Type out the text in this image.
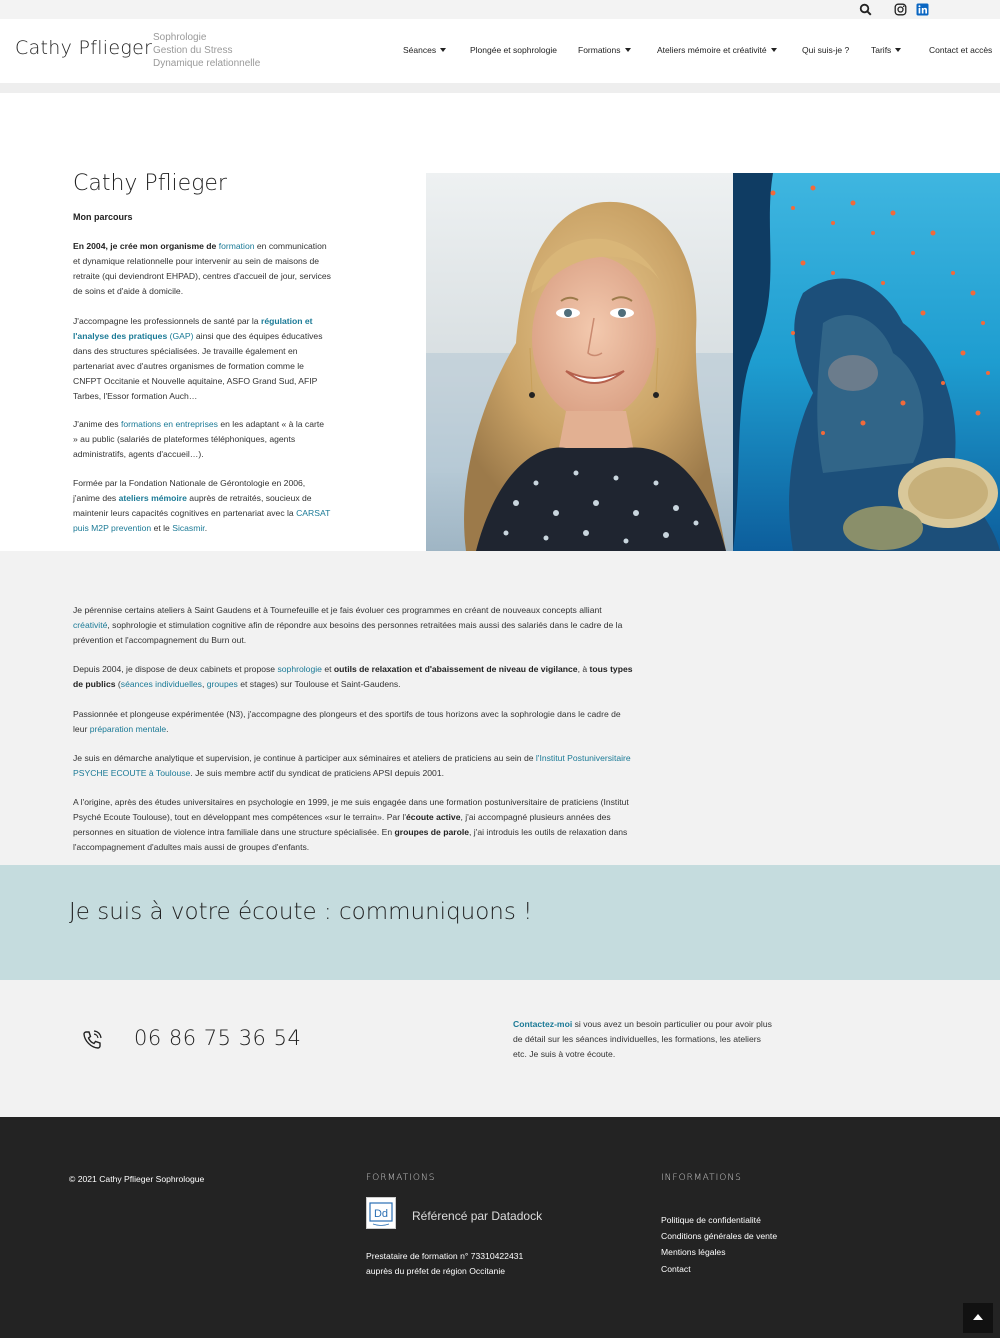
Cathy Pflieger Sophrologie
Gestion du Stress
Dynamique relationnelle
Séances	Plongée et sophrologie Formations	Ateliers mémoire et créativité	Qui suis-je ?	Tarifs	Contact et accès
Cathy Pflieger
Mon parcours
En 2004, je crée mon organisme de formation en communication et dynamique relationnelle pour intervenir au sein de maisons de retraite (qui deviendront EHPAD), centres d'accueil de jour, services de soins et d'aide à domicile.
J'accompagne les professionnels de santé par la régulation et l'analyse des pratiques (GAP) ainsi que des équipes éducatives dans des structures spécialisées. Je travaille également en partenariat avec d'autres organismes de formation comme le CNFPT Occitanie et Nouvelle aquitaine, ASFO Grand Sud, AFIP Tarbes, l'Essor formation Auch…
J'anime des formations en entreprises en les adaptant « à la carte » au public (salariés de plateformes téléphoniques, agents administratifs, agents d'accueil…).
Formée par la Fondation Nationale de Gérontologie en 2006, j'anime des ateliers mémoire auprès de retraités, soucieux de maintenir leurs capacités cognitives en partenariat avec la CARSAT puis M2P prevention et le Sicasmir.
Je pérennise certains ateliers à Saint Gaudens et à Tournefeuille et je fais évoluer ces programmes en créant de nouveaux concepts alliant créativité, sophrologie et stimulation cognitive afin de répondre aux besoins des personnes retraitées mais aussi des salariés dans le cadre de la prévention et l'accompagnement du Burn out.
Depuis 2004, je dispose de deux cabinets et propose sophrologie et outils de relaxation et d'abaissement de niveau de vigilance, à tous types de publics (séances individuelles, groupes et stages) sur Toulouse et Saint-Gaudens.
Passionnée et plongeuse expérimentée (N3), j'accompagne des plongeurs et des sportifs de tous horizons avec la sophrologie dans le cadre de leur préparation mentale.
Je suis en démarche analytique et supervision, je continue à participer aux séminaires et ateliers de praticiens au sein de l'Institut Postuniversitaire PSYCHE ECOUTE à Toulouse. Je suis membre actif du syndicat de praticiens APSI depuis 2001.
A l'origine, après des études universitaires en psychologie en 1999, je me suis engagée dans une formation postuniversitaire de praticiens (Institut Psyché Ecoute Toulouse), tout en développant mes compétences «sur le terrain». Par l'écoute active, j'ai accompagné plusieurs années des personnes en situation de violence intra familiale dans une structure spécialisée. En groupes de parole, j'ai introduis les outils de relaxation dans l'accompagnement d'adultes mais aussi de groupes d'enfants.
Je suis à votre écoute : communiquons !
06 86 75 36 54
Contactez-moi si vous avez un besoin particulier ou pour avoir plus de détail sur les séances individuelles, les formations, les ateliers etc. Je suis à votre écoute.
© 2021 Cathy Pflieger Sophrologue	FORMATIONS
Dd Référencé par Datadock
Prestataire de formation n° 73310422431
auprès du préfet de région Occitanie
INFORMATIONS
Politique de confidentialité
Conditions générales de vente
Mentions légales
Contact
